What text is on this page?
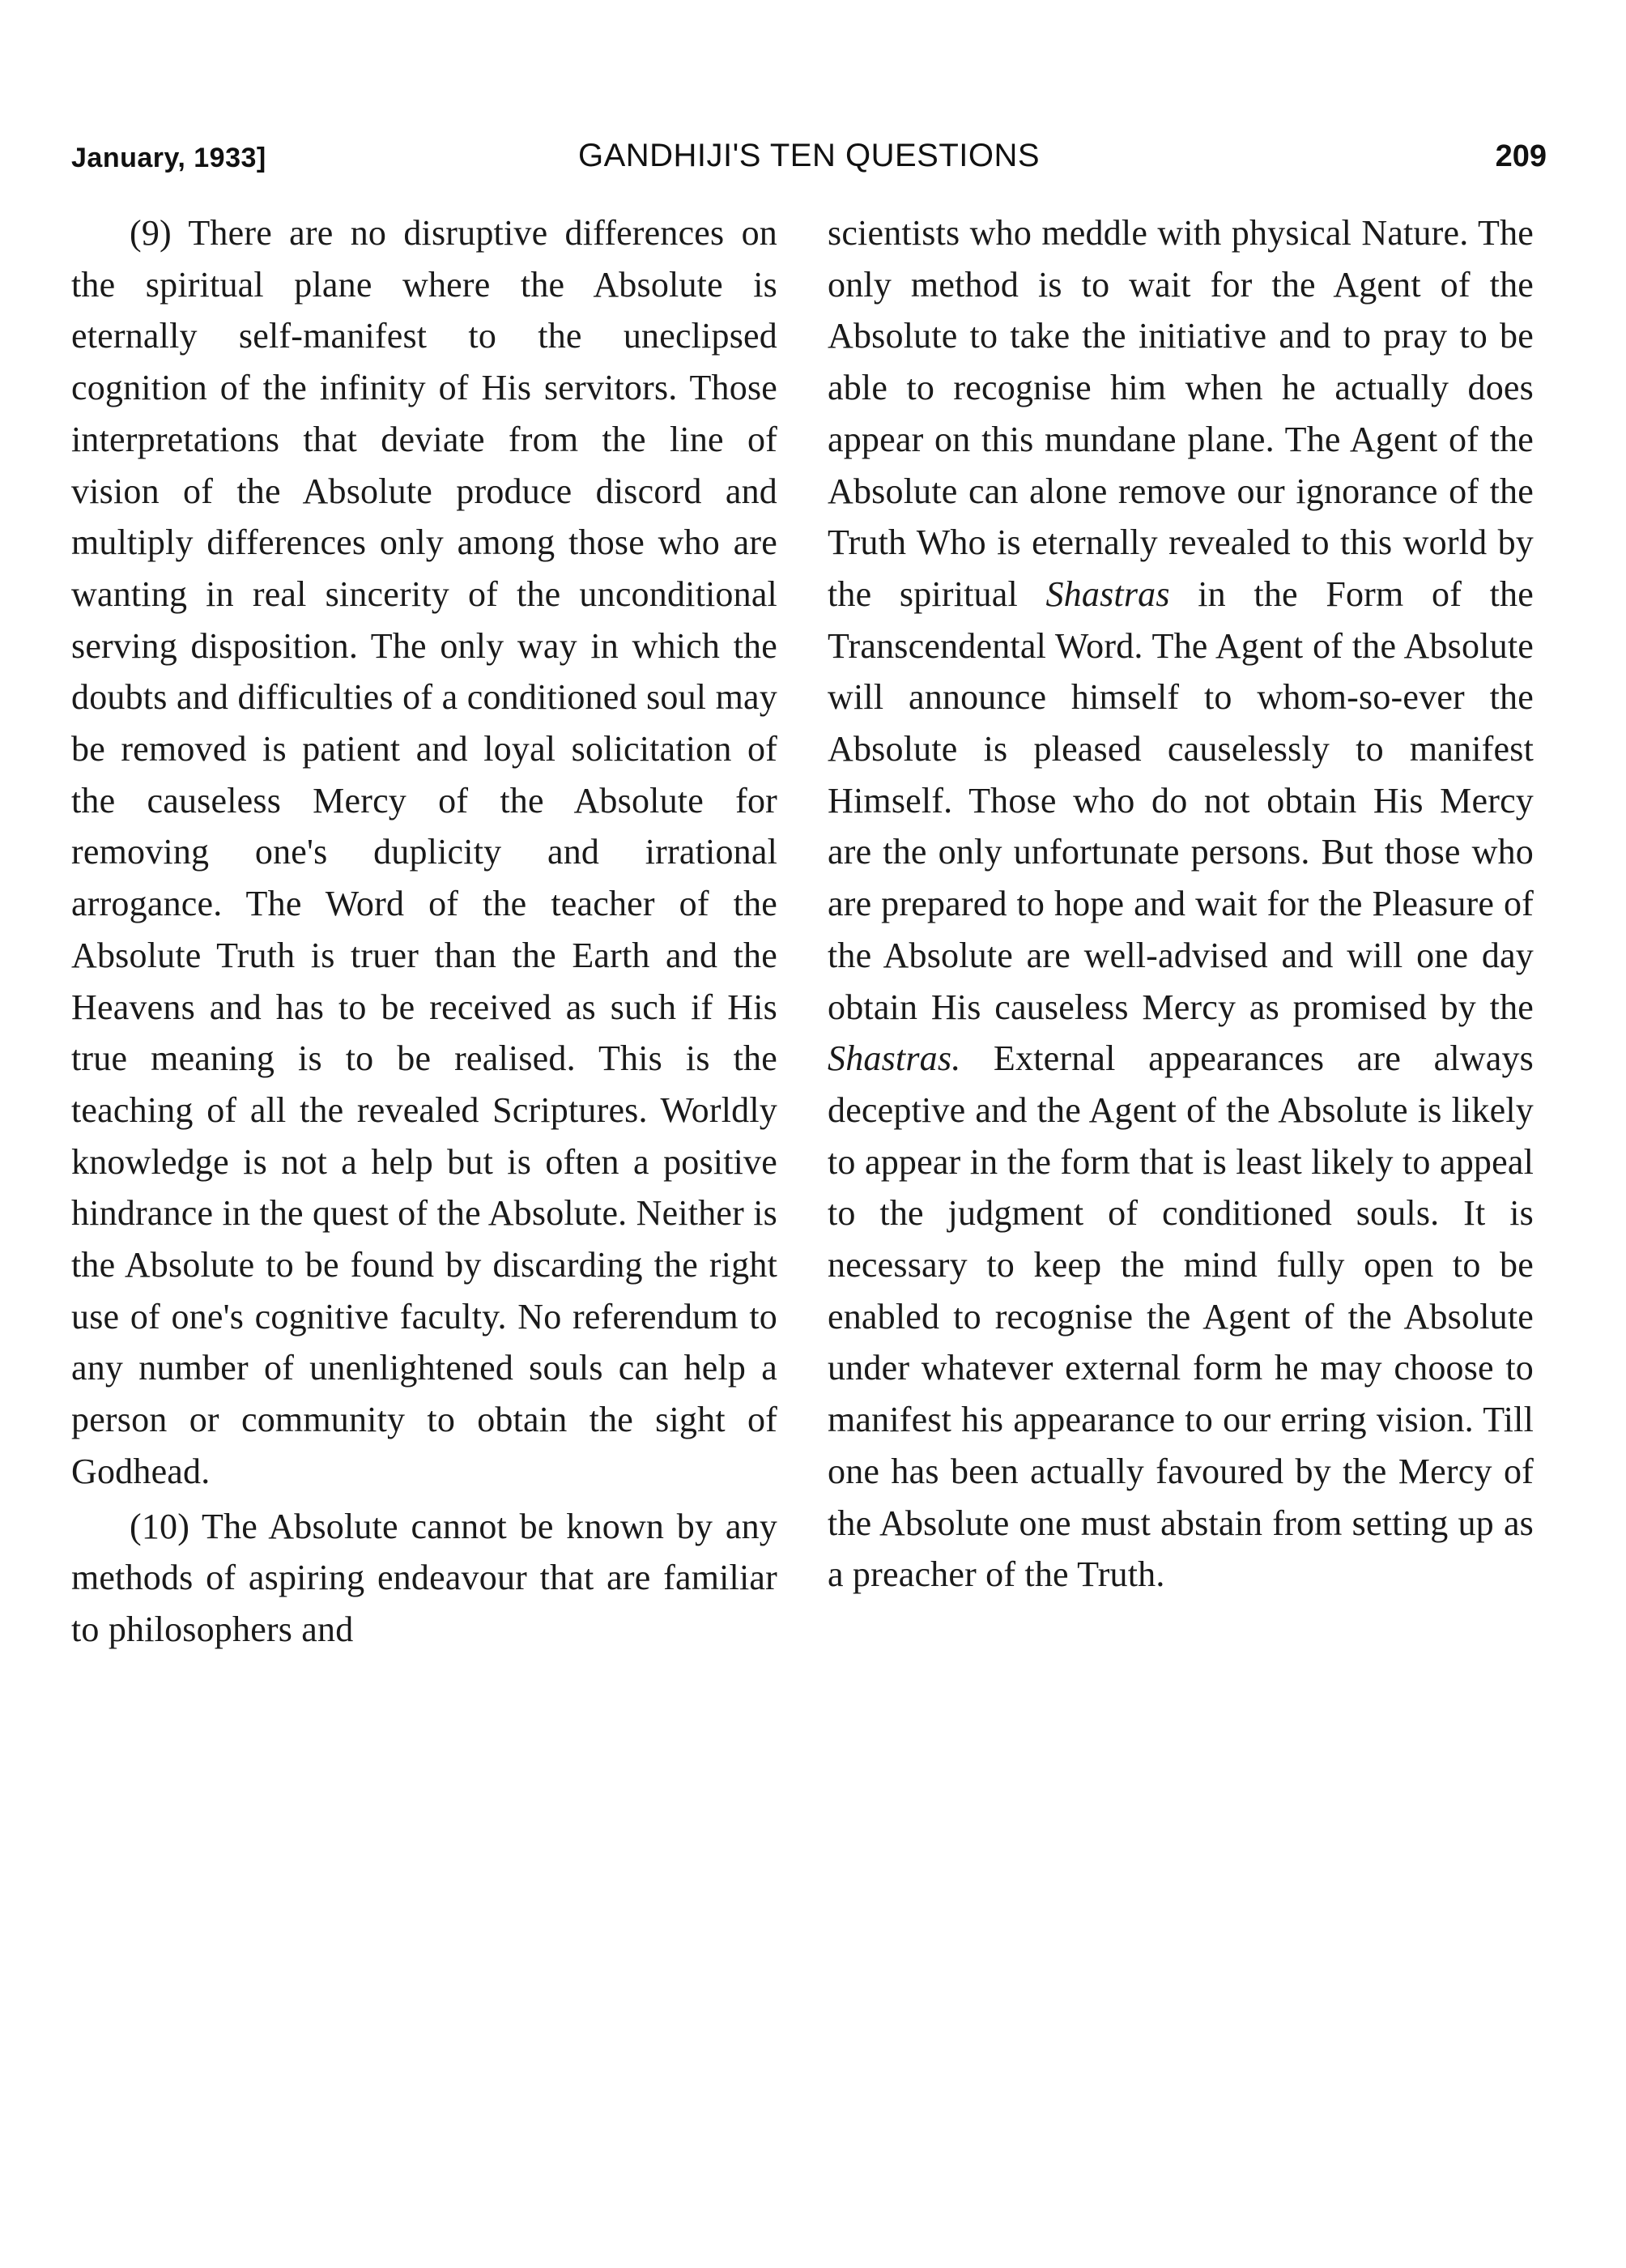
January, 1933]	GANDHIJI'S TEN QUESTIONS	209

(9) There are no disruptive differences on the spiritual plane where the Absolute is eternally self-manifest to the uneclipsed cognition of the infinity of His servitors. Those interpretations that deviate from the line of vision of the Absolute produce discord and multiply differences only among those who are wanting in real sincerity of the unconditional serving disposition. The only way in which the doubts and difficulties of a conditioned soul may be removed is patient and loyal solicitation of the causeless Mercy of the Absolute for removing one's duplicity and irrational arrogance. The Word of the teacher of the Absolute Truth is truer than the Earth and the Heavens and has to be received as such if His true meaning is to be realised. This is the teaching of all the revealed Scriptures. Worldly knowledge is not a help but is often a positive hindrance in the quest of the Absolute. Neither is the Absolute to be found by discarding the right use of one's cognitive faculty. No referendum to any number of unenlightened souls can help a person or community to obtain the sight of Godhead.

(10) The Absolute cannot be known by any methods of aspiring endeavour that are familiar to philosophers and

scientists who meddle with physical Nature. The only method is to wait for the Agent of the Absolute to take the initiative and to pray to be able to recognise him when he actually does appear on this mundane plane. The Agent of the Absolute can alone remove our ignorance of the Truth Who is eternally revealed to this world by the spiritual Shastras in the Form of the Transcendental Word. The Agent of the Absolute will announce himself to whom-so-ever the Absolute is pleased causelessly to manifest Himself. Those who do not obtain His Mercy are the only unfortunate persons. But those who are prepared to hope and wait for the Pleasure of the Absolute are well-advised and will one day obtain His causeless Mercy as promised by the Shastras. External appearances are always deceptive and the Agent of the Absolute is likely to appear in the form that is least likely to appeal to the judgment of conditioned souls. It is necessary to keep the mind fully open to be enabled to recognise the Agent of the Absolute under whatever external form he may choose to manifest his appearance to our erring vision. Till one has been actually favoured by the Mercy of the Absolute one must abstain from setting up as a preacher of the Truth.
